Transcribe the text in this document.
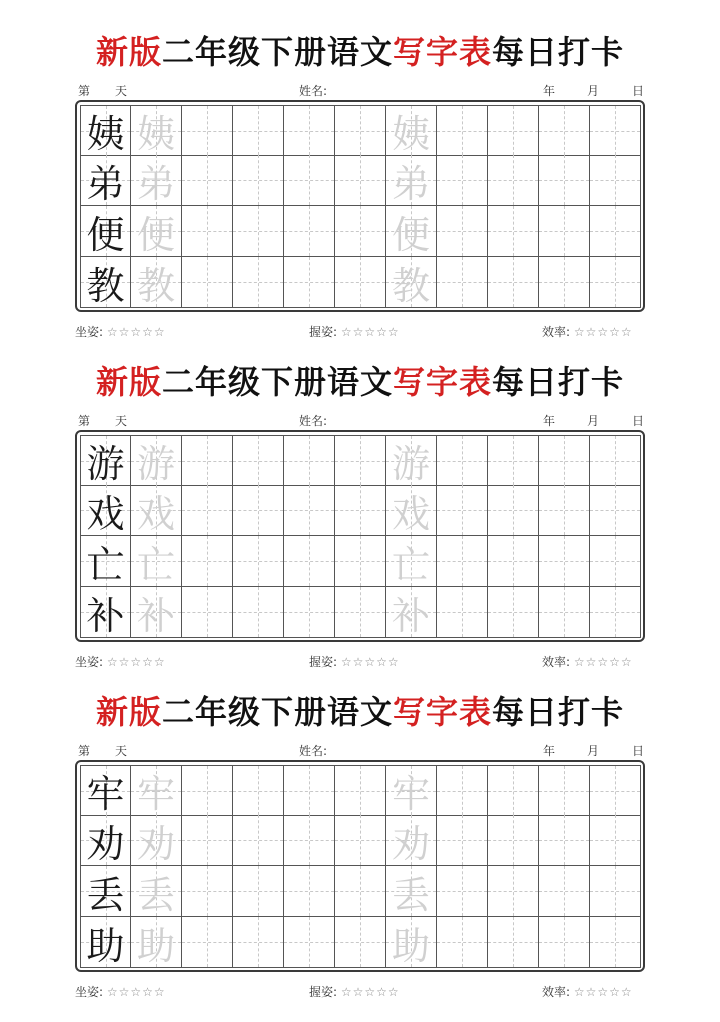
新版二年级下册语文写字表每日打卡
第 天	姓名:	年	月	日
姨 姨	姨
弟 弟	弟
便 便	便
教 教	教
坐姿: ☆☆☆☆☆	握姿: ☆☆☆☆☆	效率: ☆☆☆☆☆
新版二年级下册语文写字表每日打卡
第 天	姓名:	年	月	日
游 游	游
戏 戏	戏
亡 亡	亡
补 补	补
坐姿: ☆☆☆☆☆	握姿: ☆☆☆☆☆	效率: ☆☆☆☆☆
新版二年级下册语文写字表每日打卡
第 天	姓名:	年	月	日
牢 牢	牢
劝 劝	劝
丢 丢	丢
助 助	助
坐姿: ☆☆☆☆☆	握姿: ☆☆☆☆☆	效率: ☆☆☆☆☆
